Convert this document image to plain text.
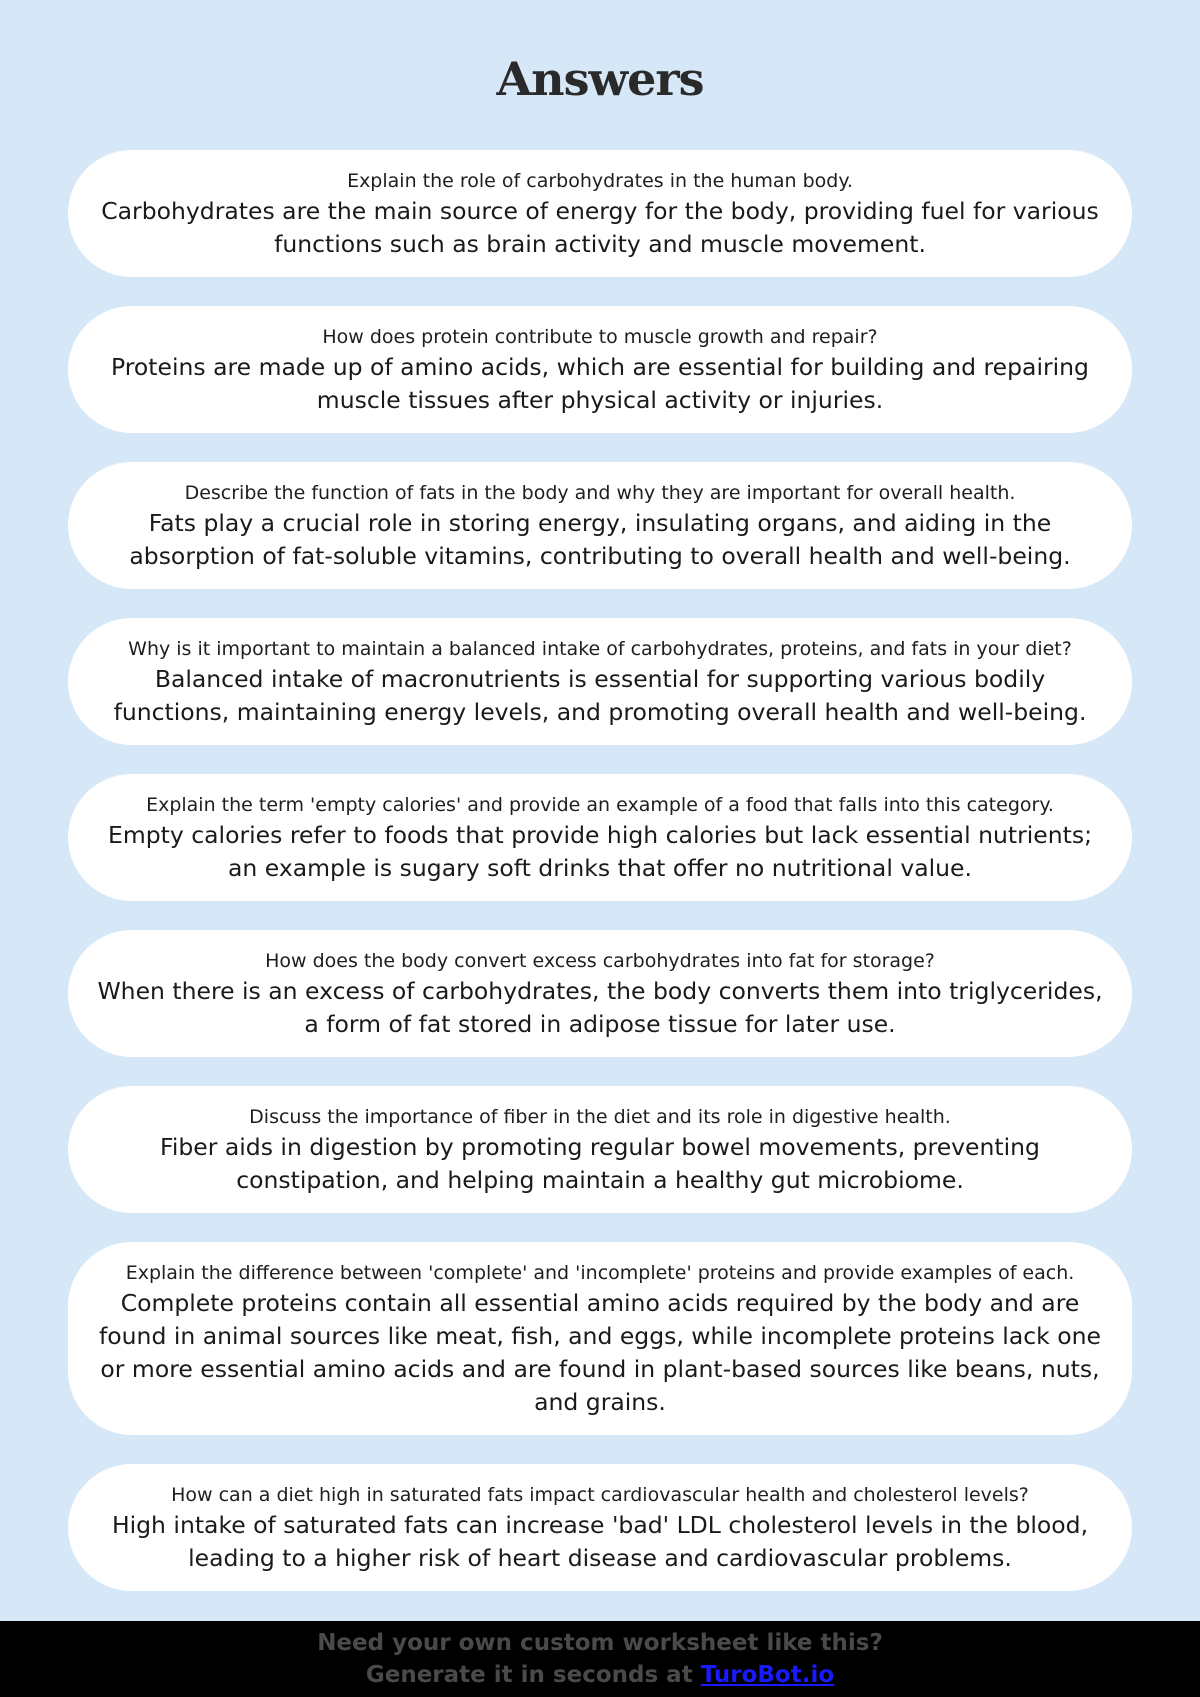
Answers
Explain the role of carbohydrates in the human body.
Carbohydrates are the main source of energy for the body, providing fuel for various functions such as brain activity and muscle movement.
How does protein contribute to muscle growth and repair?
Proteins are made up of amino acids, which are essential for building and repairing muscle tissues after physical activity or injuries.
Describe the function of fats in the body and why they are important for overall health.
Fats play a crucial role in storing energy, insulating organs, and aiding in the absorption of fat-soluble vitamins, contributing to overall health and well-being.
Why is it important to maintain a balanced intake of carbohydrates, proteins, and fats in your diet?
Balanced intake of macronutrients is essential for supporting various bodily functions, maintaining energy levels, and promoting overall health and well-being.
Explain the term 'empty calories' and provide an example of a food that falls into this category.
Empty calories refer to foods that provide high calories but lack essential nutrients; an example is sugary soft drinks that offer no nutritional value.
How does the body convert excess carbohydrates into fat for storage?
When there is an excess of carbohydrates, the body converts them into triglycerides, a form of fat stored in adipose tissue for later use.
Discuss the importance of fiber in the diet and its role in digestive health.
Fiber aids in digestion by promoting regular bowel movements, preventing constipation, and helping maintain a healthy gut microbiome.
Explain the difference between 'complete' and 'incomplete' proteins and provide examples of each.
Complete proteins contain all essential amino acids required by the body and are found in animal sources like meat, fish, and eggs, while incomplete proteins lack one or more essential amino acids and are found in plant-based sources like beans, nuts, and grains.
How can a diet high in saturated fats impact cardiovascular health and cholesterol levels?
High intake of saturated fats can increase 'bad' LDL cholesterol levels in the blood, leading to a higher risk of heart disease and cardiovascular problems.
Need your own custom worksheet like this?
Generate it in seconds at TuroBot.io
